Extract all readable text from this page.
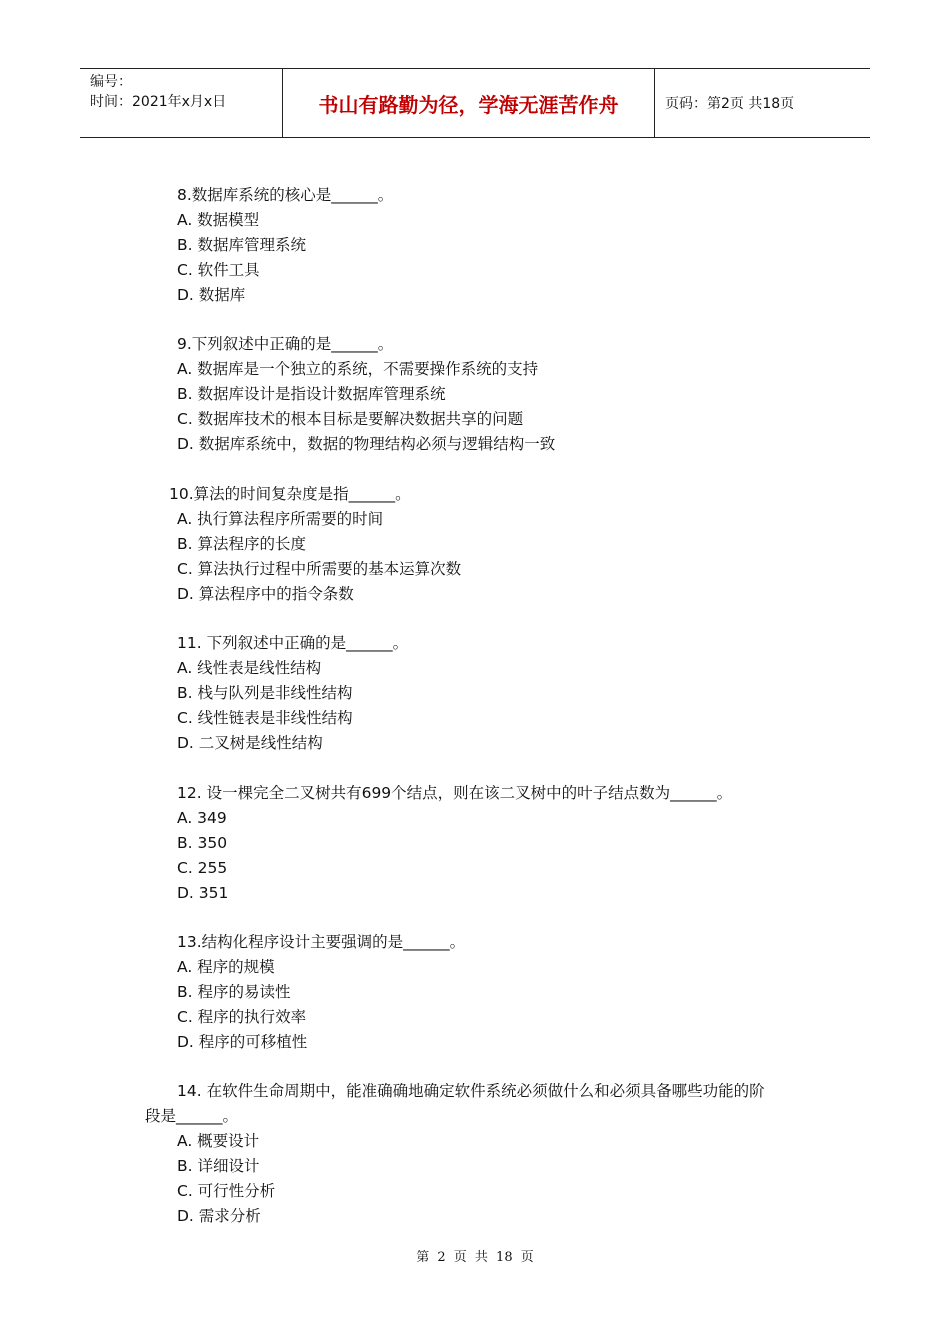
编号：
时间：2021年x月x日	书山有路勤为径，学海无涯苦作舟	页码：第2页 共18页
8.数据库系统的核心是______。
A. 数据模型
B. 数据库管理系统
C. 软件工具
D. 数据库
9.下列叙述中正确的是______。
A. 数据库是一个独立的系统，不需要操作系统的支持
B. 数据库设计是指设计数据库管理系统
C. 数据库技术的根本目标是要解决数据共享的问题
D. 数据库系统中，数据的物理结构必须与逻辑结构一致
10.算法的时间复杂度是指______。
A. 执行算法程序所需要的时间
B. 算法程序的长度
C. 算法执行过程中所需要的基本运算次数
D. 算法程序中的指令条数
11. 下列叙述中正确的是______。
A. 线性表是线性结构
B. 栈与队列是非线性结构
C. 线性链表是非线性结构
D. 二叉树是线性结构
12. 设一棵完全二叉树共有699个结点，则在该二叉树中的叶子结点数为______。
A. 349
B. 350
C. 255
D. 351
13.结构化程序设计主要强调的是______。
A. 程序的规模
B. 程序的易读性
C. 程序的执行效率
D. 程序的可移植性
14. 在软件生命周期中，能准确确地确定软件系统必须做什么和必须具备哪些功能的阶
段是______。
A. 概要设计
B. 详细设计
C. 可行性分析
D. 需求分析
第 2 页 共 18 页
